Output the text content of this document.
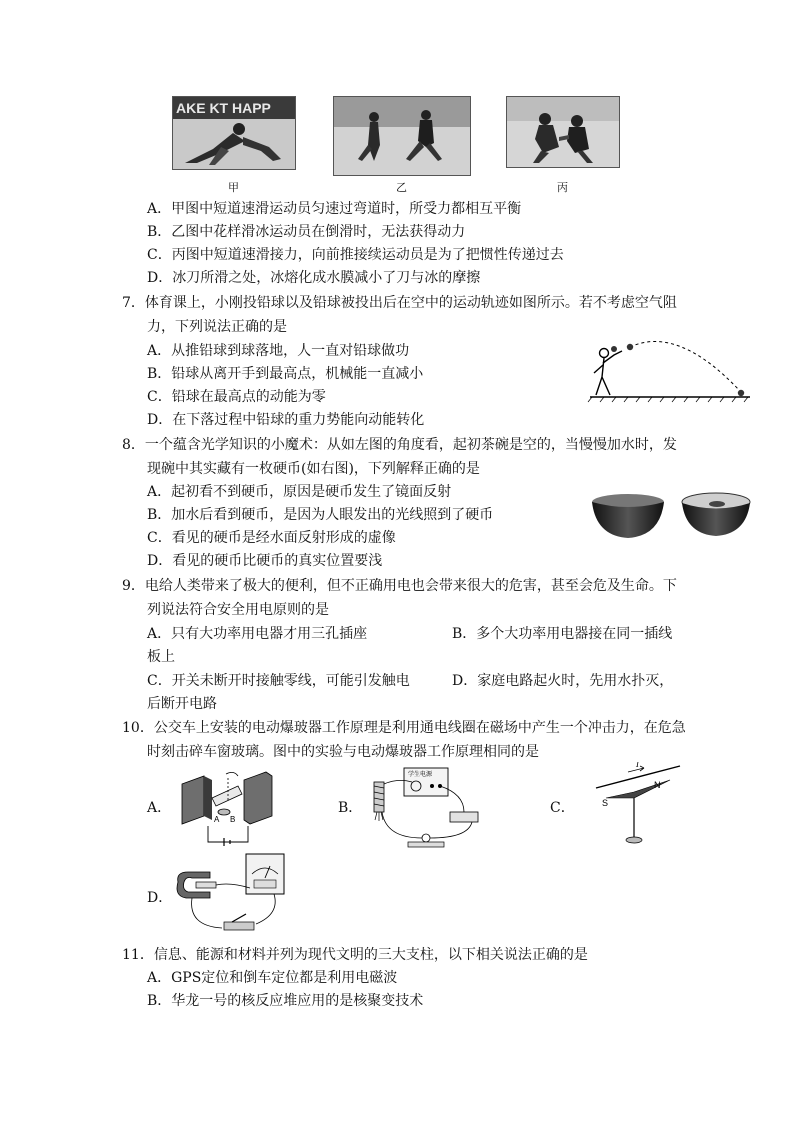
AKE KT HAPP
甲	乙	丙
A．甲图中短道速滑运动员匀速过弯道时，所受力都相互平衡
B．乙图中花样滑冰运动员在倒滑时，无法获得动力
C．丙图中短道速滑接力，向前推接续运动员是为了把惯性传递过去
D．冰刀所滑之处，冰熔化成水膜减小了刀与冰的摩擦
7．体育课上，小刚投铅球以及铅球被投出后在空中的运动轨迹如图所示。若不考虑空气阻
力，下列说法正确的是
A．从推铅球到球落地，人一直对铅球做功
B．铅球从离开手到最高点，机械能一直减小
C．铅球在最高点的动能为零
D．在下落过程中铅球的重力势能向动能转化
8．一个蕴含光学知识的小魔术：从如左图的角度看，起初茶碗是空的，当慢慢加水时，发
现碗中其实藏有一枚硬币(如右图)，下列解释正确的是
A．起初看不到硬币，原因是硬币发生了镜面反射
B．加水后看到硬币，是因为人眼发出的光线照到了硬币
C．看见的硬币是经水面反射形成的虚像
D．看见的硬币比硬币的真实位置要浅
9．电给人类带来了极大的便利，但不正确用电也会带来很大的危害，甚至会危及生命。下
列说法符合安全用电原则的是
A．只有大功率用电器才用三孔插座	B．多个大功率用电器接在同一插线
板上
C．开关未断开时接触零线，可能引发触电	D．家庭电路起火时，先用水扑灭，
后断开电路
10．公交车上安装的电动爆玻器工作原理是利用通电线圈在磁场中产生一个冲击力，在危急
时刻击碎车窗玻璃。图中的实验与电动爆玻器工作原理相同的是
A．
A B
B．
学生电源
C．
I
S
N
D．
11．信息、能源和材料并列为现代文明的三大支柱，以下相关说法正确的是
A．GPS定位和倒车定位都是利用电磁波
B．华龙一号的核反应堆应用的是核聚变技术
